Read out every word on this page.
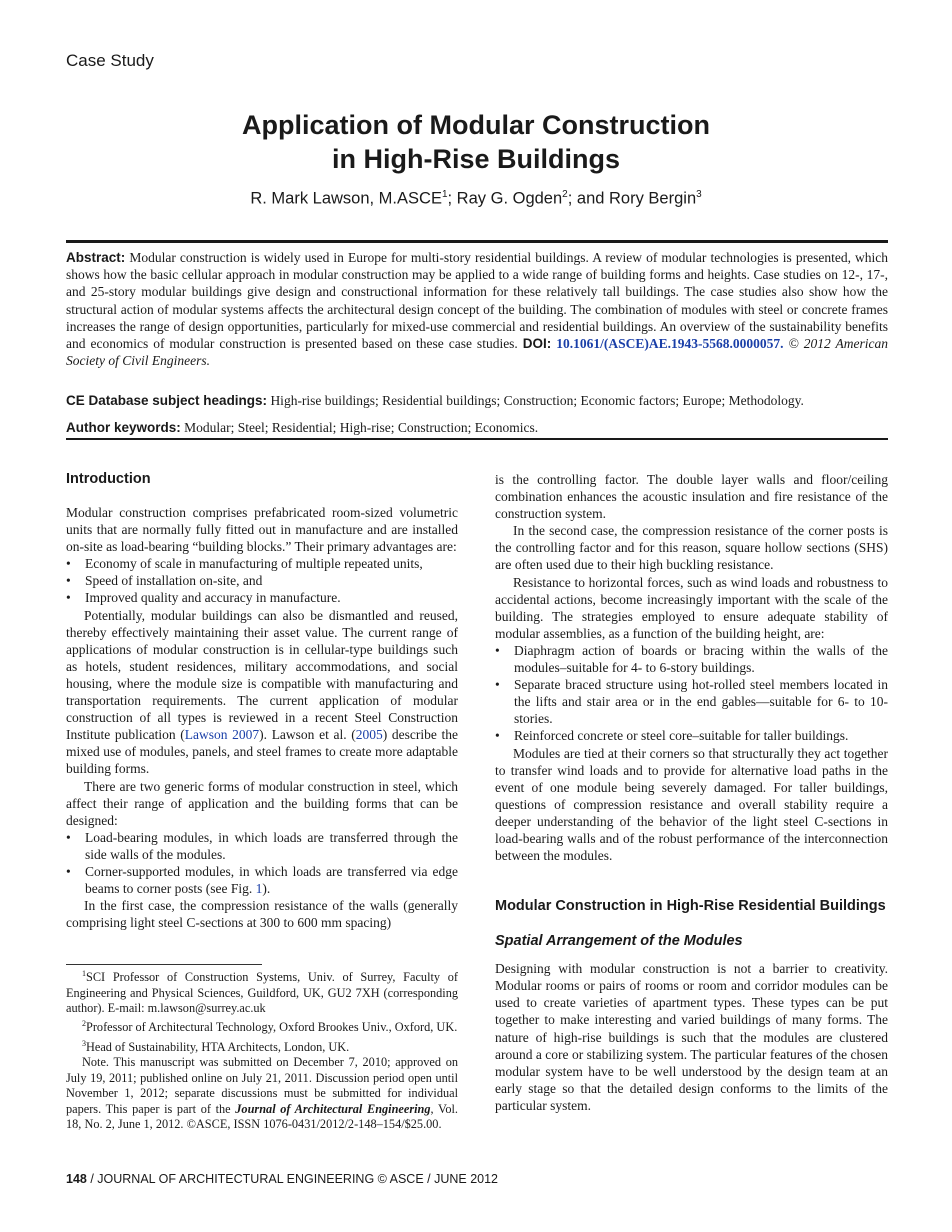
Case Study
Application of Modular Construction
in High-Rise Buildings
R. Mark Lawson, M.ASCE$^1$; Ray G. Ogden$^2$; and Rory Bergin$^3$
Abstract: Modular construction is widely used in Europe for multi-story residential buildings. A review of modular technologies is presented, which shows how the basic cellular approach in modular construction may be applied to a wide range of building forms and heights. Case studies on 12-, 17-, and 25-story modular buildings give design and constructional information for these relatively tall buildings. The case studies also show how the structural action of modular systems affects the architectural design concept of the building. The combination of modules with steel or concrete frames increases the range of design opportunities, particularly for mixed-use commercial and residential buildings. An overview of the sustainability benefits and economics of modular construction is presented based on these case studies. DOI: 10.1061/(ASCE)AE.1943-5568.0000057. © 2012 American Society of Civil Engineers.
CE Database subject headings: High-rise buildings; Residential buildings; Construction; Economic factors; Europe; Methodology.
Author keywords: Modular; Steel; Residential; High-rise; Construction; Economics.
Introduction

Modular construction comprises prefabricated room-sized volumetric units that are normally fully fitted out in manufacture and are installed on-site as load-bearing “building blocks.” Their primary advantages are:

• Economy of scale in manufacturing of multiple repeated units,
• Speed of installation on-site, and
• Improved quality and accuracy in manufacture.

Potentially, modular buildings can also be dismantled and reused, thereby effectively maintaining their asset value. The current range of applications of modular construction is in cellular-type buildings such as hotels, student residences, military accommodations, and social housing, where the module size is compatible with manufacturing and transportation requirements. The current application of modular construction of all types is reviewed in a recent Steel Construction Institute publication (Lawson 2007). Lawson et al. (2005) describe the mixed use of modules, panels, and steel frames to create more adaptable building forms.

There are two generic forms of modular construction in steel, which affect their range of application and the building forms that can be designed:

• Load-bearing modules, in which loads are transferred through the side walls of the modules.
• Corner-supported modules, in which loads are transferred via edge beams to corner posts (see Fig. 1).

In the first case, the compression resistance of the walls (generally comprising light steel C-sections at 300 to 600 mm spacing)

$^1$SCI Professor of Construction Systems, Univ. of Surrey, Faculty of Engineering and Physical Sciences, Guildford, UK, GU2 7XH (corresponding author). E-mail: m.lawson@surrey.ac.uk

$^2$Professor of Architectural Technology, Oxford Brookes Univ., Oxford, UK.

$^3$Head of Sustainability, HTA Architects, London, UK.

Note. This manuscript was submitted on December 7, 2010; approved on July 19, 2011; published online on July 21, 2011. Discussion period open until November 1, 2012; separate discussions must be submitted for individual papers. This paper is part of the Journal of Architectural Engineering, Vol. 18, No. 2, June 1, 2012. ©ASCE, ISSN 1076-0431/2012/2-148–154/$25.00.

is the controlling factor. The double layer walls and floor/ceiling combination enhances the acoustic insulation and fire resistance of the construction system.

In the second case, the compression resistance of the corner posts is the controlling factor and for this reason, square hollow sections (SHS) are often used due to their high buckling resistance.

Resistance to horizontal forces, such as wind loads and robustness to accidental actions, become increasingly important with the scale of the building. The strategies employed to ensure adequate stability of modular assemblies, as a function of the building height, are:

• Diaphragm action of boards or bracing within the walls of the modules–suitable for 4- to 6-story buildings.
• Separate braced structure using hot-rolled steel members located in the lifts and stair area or in the end gables—suitable for 6- to 10-stories.
• Reinforced concrete or steel core–suitable for taller buildings.

Modules are tied at their corners so that structurally they act together to transfer wind loads and to provide for alternative load paths in the event of one module being severely damaged. For taller buildings, questions of compression resistance and overall stability require a deeper understanding of the behavior of the light steel C-sections in load-bearing walls and of the robust performance of the interconnection between the modules.

Modular Construction in High-Rise Residential Buildings
Spatial Arrangement of the Modules

Designing with modular construction is not a barrier to creativity. Modular rooms or pairs of rooms or room and corridor modules can be used to create varieties of apartment types. These types can be put together to make interesting and varied buildings of many forms. The nature of high-rise buildings is such that the modules are clustered around a core or stabilizing system. The particular features of the chosen modular system have to be well understood by the design team at an early stage so that the detailed design conforms to the limits of the particular system.

148 / JOURNAL OF ARCHITECTURAL ENGINEERING © ASCE / JUNE 2012
